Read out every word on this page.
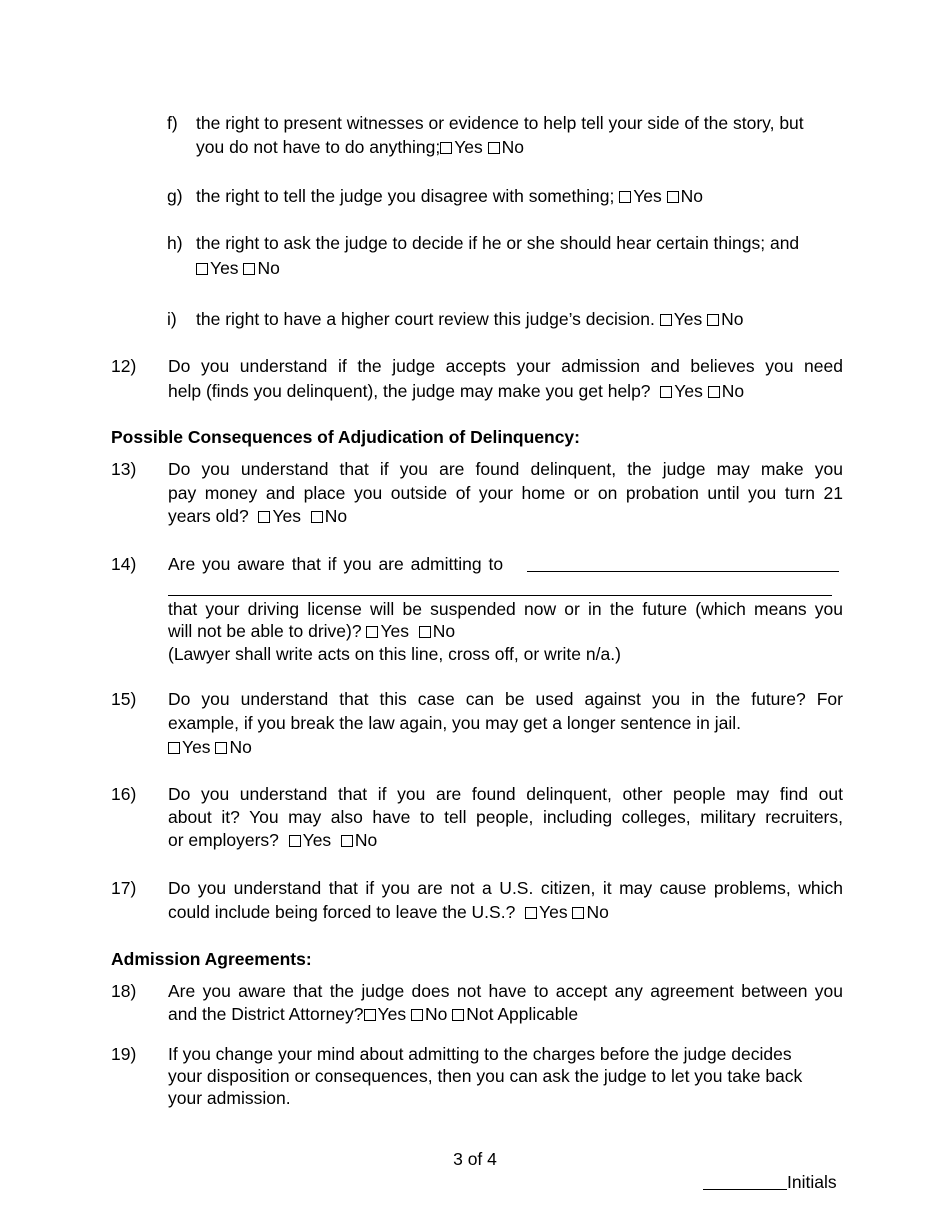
f) the right to present witnesses or evidence to help tell your side of the story, but
you do not have to do anything; Yes No
g) the right to tell the judge you disagree with something; Yes No
h) the right to ask the judge to decide if he or she should hear certain things; and
Yes No
i) the right to have a higher court review this judge’s decision. Yes No
12) Do you understand if the judge accepts your admission and believes you need
help (finds you delinquent), the judge may make you get help? Yes No
Possible Consequences of Adjudication of Delinquency:
13) Do you understand that if you are found delinquent, the judge may make you
pay money and place you outside of your home or on probation until you turn 21
years old? Yes No
14) Are you aware that if you are admitting to
that your driving license will be suspended now or in the future (which means you
will not be able to drive)? Yes No
(Lawyer shall write acts on this line, cross off, or write n/a.)
15) Do you understand that this case can be used against you in the future? For
example, if you break the law again, you may get a longer sentence in jail.
Yes No
16) Do you understand that if you are found delinquent, other people may find out
about it? You may also have to tell people, including colleges, military recruiters,
or employers? Yes No
17) Do you understand that if you are not a U.S. citizen, it may cause problems, which
could include being forced to leave the U.S.? Yes No
Admission Agreements:
18) Are you aware that the judge does not have to accept any agreement between you
and the District Attorney? Yes No Not Applicable
19) If you change your mind about admitting to the charges before the judge decides
your disposition or consequences, then you can ask the judge to let you take back
your admission.
3 of 4
Initials
